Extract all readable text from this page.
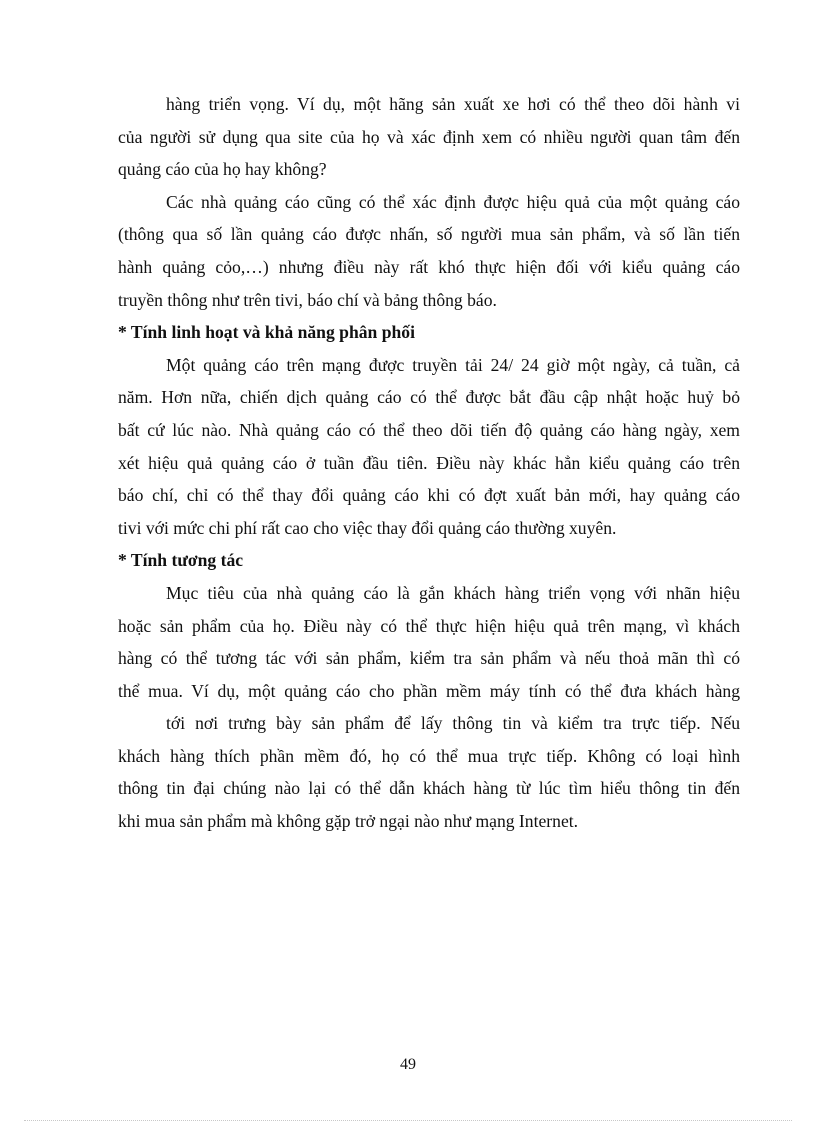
hàng triển vọng. Ví dụ, một hãng sản xuất xe hơi có thể theo dõi hành vi
của người sử dụng qua site của họ và xác định xem có nhiều người quan tâm đến
quảng cáo của họ hay không?
Các nhà quảng cáo cũng có thể xác định được hiệu quả của một quảng cáo
(thông qua số lần quảng cáo được nhấn, số người mua sản phẩm, và số lần tiến
hành quảng cỏo,…) nhưng điều này rất khó thực hiện đối với kiểu quảng cáo
truyền thông như trên tivi, báo chí và bảng thông báo.
* Tính linh hoạt và khả năng phân phối
Một quảng cáo trên mạng được truyền tải 24/ 24 giờ một ngày, cả tuần, cả
năm. Hơn nữa, chiến dịch quảng cáo có thể được bắt đầu cập nhật hoặc huỷ bỏ
bất cứ lúc nào. Nhà quảng cáo có thể theo dõi tiến độ quảng cáo hàng ngày, xem
xét hiệu quả quảng cáo ở tuần đầu tiên. Điều này khác hẳn kiểu quảng cáo trên
báo chí, chỉ có thể thay đổi quảng cáo khi có đợt xuất bản mới, hay quảng cáo
tivi với mức chi phí rất cao cho việc thay đổi quảng cáo thường xuyên.
* Tính tương tác
Mục tiêu của nhà quảng cáo là gắn khách hàng triển vọng với nhãn hiệu
hoặc sản phẩm của họ. Điều này có thể thực hiện hiệu quả trên mạng, vì khách
hàng có thể tương tác với sản phẩm, kiểm tra sản phẩm và nếu thoả mãn thì có
thể mua. Ví dụ, một quảng cáo cho phần mềm máy tính có thể đưa khách hàng
tới nơi trưng bày sản phẩm để lấy thông tin và kiểm tra trực tiếp. Nếu
khách hàng thích phần mềm đó, họ có thể mua trực tiếp. Không có loại hình
thông tin đại chúng nào lại có thể dẫn khách hàng từ lúc tìm hiểu thông tin đến
khi mua sản phẩm mà không gặp trở ngại nào như mạng Internet.
49
